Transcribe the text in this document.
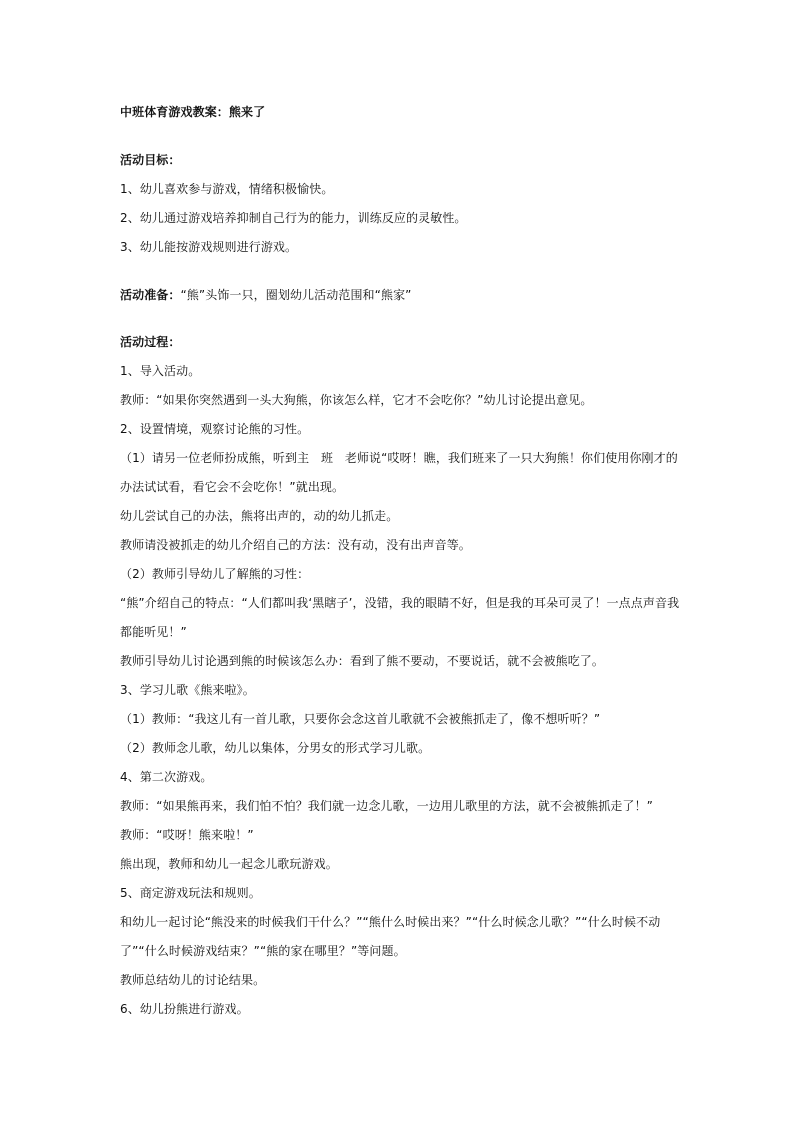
中班体育游戏教案：熊来了
活动目标：
1、幼儿喜欢参与游戏，情绪积极愉快。
2、幼儿通过游戏培养抑制自己行为的能力，训练反应的灵敏性。
3、幼儿能按游戏规则进行游戏。
活动准备：“熊”头饰一只，圈划幼儿活动范围和“熊家”
活动过程：
1、导入活动。
教师：“如果你突然遇到一头大狗熊，你该怎么样，它才不会吃你？”幼儿讨论提出意见。
2、设置情境，观察讨论熊的习性。
（1）请另一位老师扮成熊，听到主   班   老师说“哎呀！瞧，我们班来了一只大狗熊！你们使用你刚才的
办法试试看，看它会不会吃你！”就出现。
幼儿尝试自己的办法，熊将出声的，动的幼儿抓走。
教师请没被抓走的幼儿介绍自己的方法：没有动，没有出声音等。
（2）教师引导幼儿了解熊的习性：
“熊”介绍自己的特点：“人们都叫我‘黑瞎子’，没错，我的眼睛不好，但是我的耳朵可灵了！一点点声音我
都能听见！”
教师引导幼儿讨论遇到熊的时候该怎么办：看到了熊不要动，不要说话，就不会被熊吃了。
3、学习儿歌《熊来啦》。
（1）教师：“我这儿有一首儿歌，只要你会念这首儿歌就不会被熊抓走了，像不想听听？”
（2）教师念儿歌，幼儿以集体，分男女的形式学习儿歌。
4、第二次游戏。
教师：“如果熊再来，我们怕不怕？我们就一边念儿歌，一边用儿歌里的方法，就不会被熊抓走了！”
教师：“哎呀！熊来啦！”
熊出现，教师和幼儿一起念儿歌玩游戏。
5、商定游戏玩法和规则。
和幼儿一起讨论“熊没来的时候我们干什么？”“熊什么时候出来？”“什么时候念儿歌？”“什么时候不动
了”“什么时候游戏结束？”“熊的家在哪里？”等问题。
教师总结幼儿的讨论结果。
6、幼儿扮熊进行游戏。
